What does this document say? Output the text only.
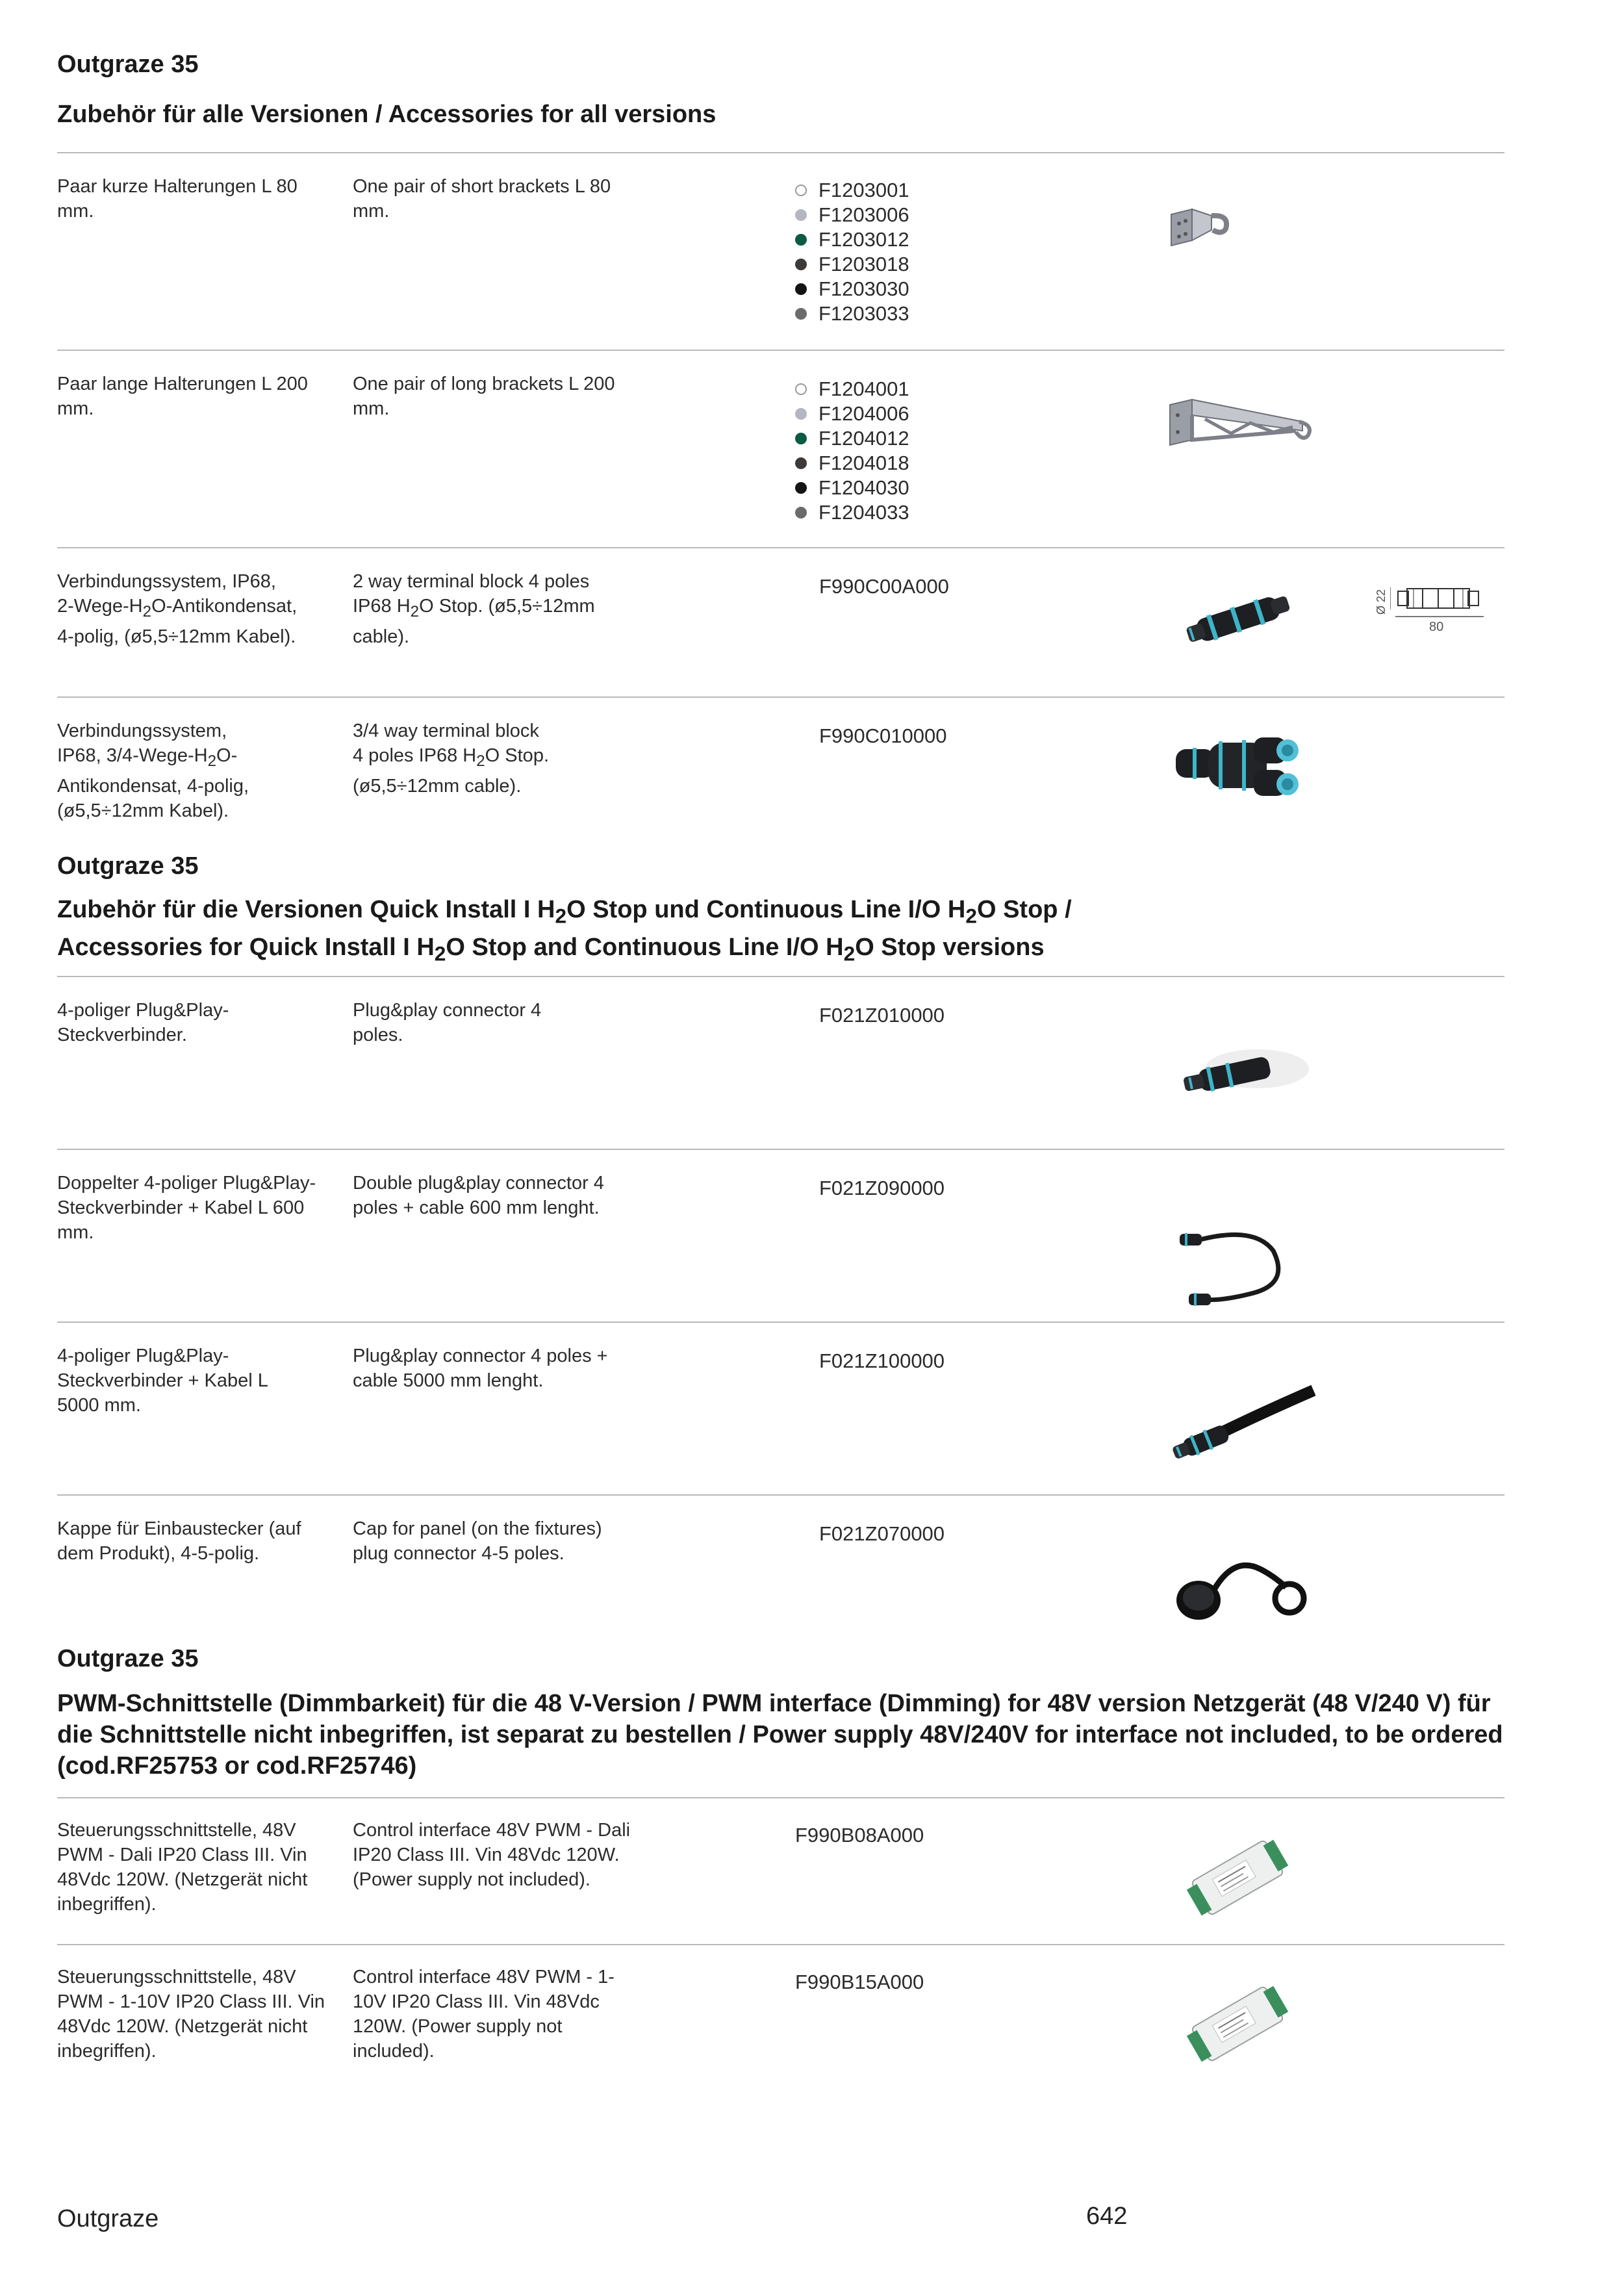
Outgraze 35
Zubehör für alle Versionen / Accessories for all versions
Paar kurze Halterungen L 80 mm.
One pair of short brackets L 80 mm.
F1203001
F1203006
F1203012
F1203018
F1203030
F1203033
Paar lange Halterungen L 200 mm.
One pair of long brackets L 200 mm.
F1204001
F1204006
F1204012
F1204018
F1204030
F1204033
Verbindungssystem, IP68,
$2-Wege-H_2O$-Antikondensat,
4-polig, (ø5,5÷12mm Kabel).
2 way terminal block 4 poles
IP68 $H_2O$ Stop. (ø5,5÷12mm
cable).
F990C00A000
Ø 22
80
Verbindungssystem,
IP68, $3/4-Wege-H_2O-$
Antikondensat, 4-polig,
(ø5,5÷12mm Kabel).
3/4 way terminal block
4 poles IP68 $H_2O$ Stop.
(ø5,5÷12mm cable).
F990C010000
Outgraze 35
Zubehör für die Versionen Quick Install I $H_2O$ Stop und Continuous Line I/O $H_2O$ Stop /
Accessories for Quick Install I $H_2O$ Stop and Continuous Line I/O $H_2O$ Stop versions
4-poliger Plug&Play-Steckverbinder.
Plug&play connector 4 poles.
F021Z010000
Doppelter 4-poliger Plug&Play-Steckverbinder + Kabel L 600 mm.
Double plug&play connector 4 poles + cable 600 mm lenght.
F021Z090000
4-poliger Plug&Play-Steckverbinder + Kabel L 5000 mm.
Plug&play connector 4 poles + cable 5000 mm lenght.
F021Z100000
Kappe für Einbaustecker (auf dem Produkt), 4-5-polig.
Cap for panel (on the fixtures) plug connector 4-5 poles.
F021Z070000
Outgraze 35
PWM-Schnittstelle (Dimmbarkeit) für die 48 V-Version / PWM interface (Dimming) for 48V version Netzgerät (48 V/240 V) für die Schnittstelle nicht inbegriffen, ist separat zu bestellen / Power supply 48V/240V for interface not included, to be ordered (cod.RF25753 or cod.RF25746)
Steuerungsschnittstelle, 48V PWM - Dali IP20 Class III. Vin 48Vdc 120W. (Netzgerät nicht inbegriffen).
Control interface 48V PWM - Dali IP20 Class III. Vin 48Vdc 120W. (Power supply not included).
F990B08A000
Steuerungsschnittstelle, 48V PWM - 1-10V IP20 Class III. Vin 48Vdc 120W. (Netzgerät nicht inbegriffen).
Control interface 48V PWM - 1-10V IP20 Class III. Vin 48Vdc 120W. (Power supply not included).
F990B15A000
Outgraze	642
